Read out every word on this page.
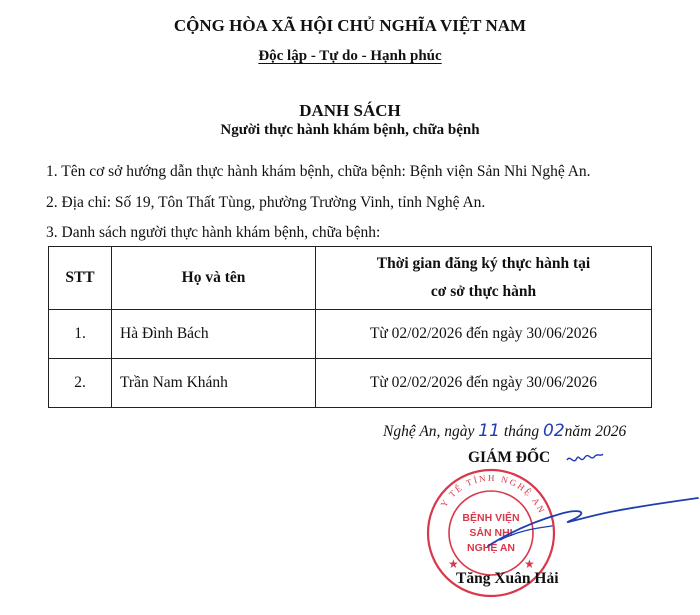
CỘNG HÒA XÃ HỘI CHỦ NGHĨA VIỆT NAM
Độc lập - Tự do - Hạnh phúc
DANH SÁCH
Người thực hành khám bệnh, chữa bệnh
1. Tên cơ sở hướng dẫn thực hành khám bệnh, chữa bệnh: Bệnh viện Sản Nhi Nghệ An.
2. Địa chỉ: Số 19, Tôn Thất Tùng, phường Trường Vinh, tỉnh Nghệ An.
3. Danh sách người thực hành khám bệnh, chữa bệnh:
STT	Họ và tên	Thời gian đăng ký thực hành tại
cơ sở thực hành

1.	Hà Đình Bách	Từ 02/02/2026 đến ngày 30/06/2026
2.	Trần Nam Khánh	Từ 02/02/2026 đến ngày 30/06/2026
Nghệ An, ngày 11 tháng 02năm 2026
GIÁM ĐỐC
Y TẾ TỈNH NGHỆ AN
BỆNH VIỆN
SẢN NHI
NGHỆ AN
★	★
Tăng Xuân Hải
